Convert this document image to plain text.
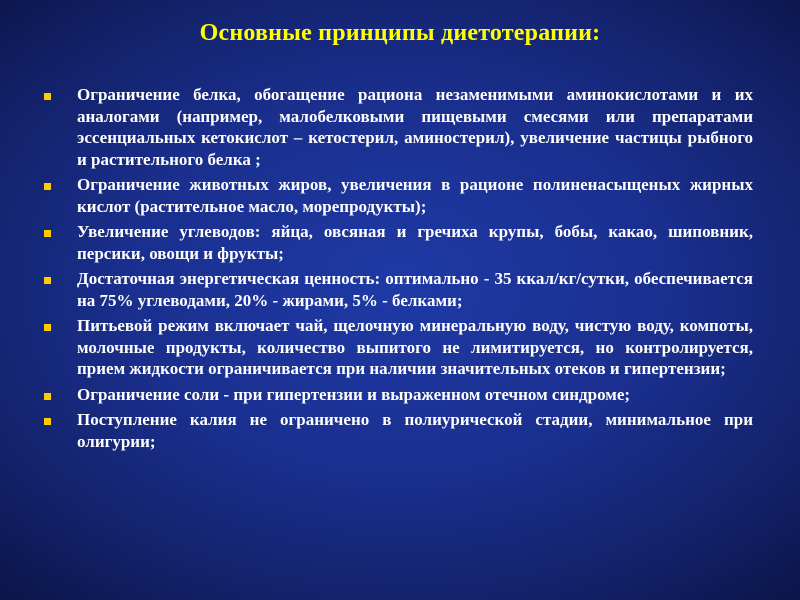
Основные принципы диетотерапии:
Ограничение белка, обогащение рациона незаменимыми аминокислотами и их аналогами (например, малобелковыми пищевыми смесями или препаратами эссенциальных кетокислот – кетостерил, аминостерил), увеличение частицы рыбного и растительного белка ;
Ограничение животных жиров, увеличения в рационе полиненасыщеных жирных кислот (растительное масло, морепродукты);
Увеличение углеводов: яйца, овсяная и гречиха крупы, бобы, какао, шиповник, персики, овощи и фрукты;
Достаточная энергетическая ценность: оптимально - 35 ккал/кг/сутки, обеспечивается на 75% углеводами, 20% - жирами, 5% - белками;
Питьевой режим включает чай, щелочную минеральную воду, чистую воду, компоты, молочные продукты, количество выпитого не лимитируется, но контролируется, прием жидкости ограничивается при наличии значительных отеков и гипертензии;
Ограничение соли - при гипертензии и выраженном отечном синдроме;
Поступление калия не ограничено в полиурической стадии, минимальное при олигурии;
